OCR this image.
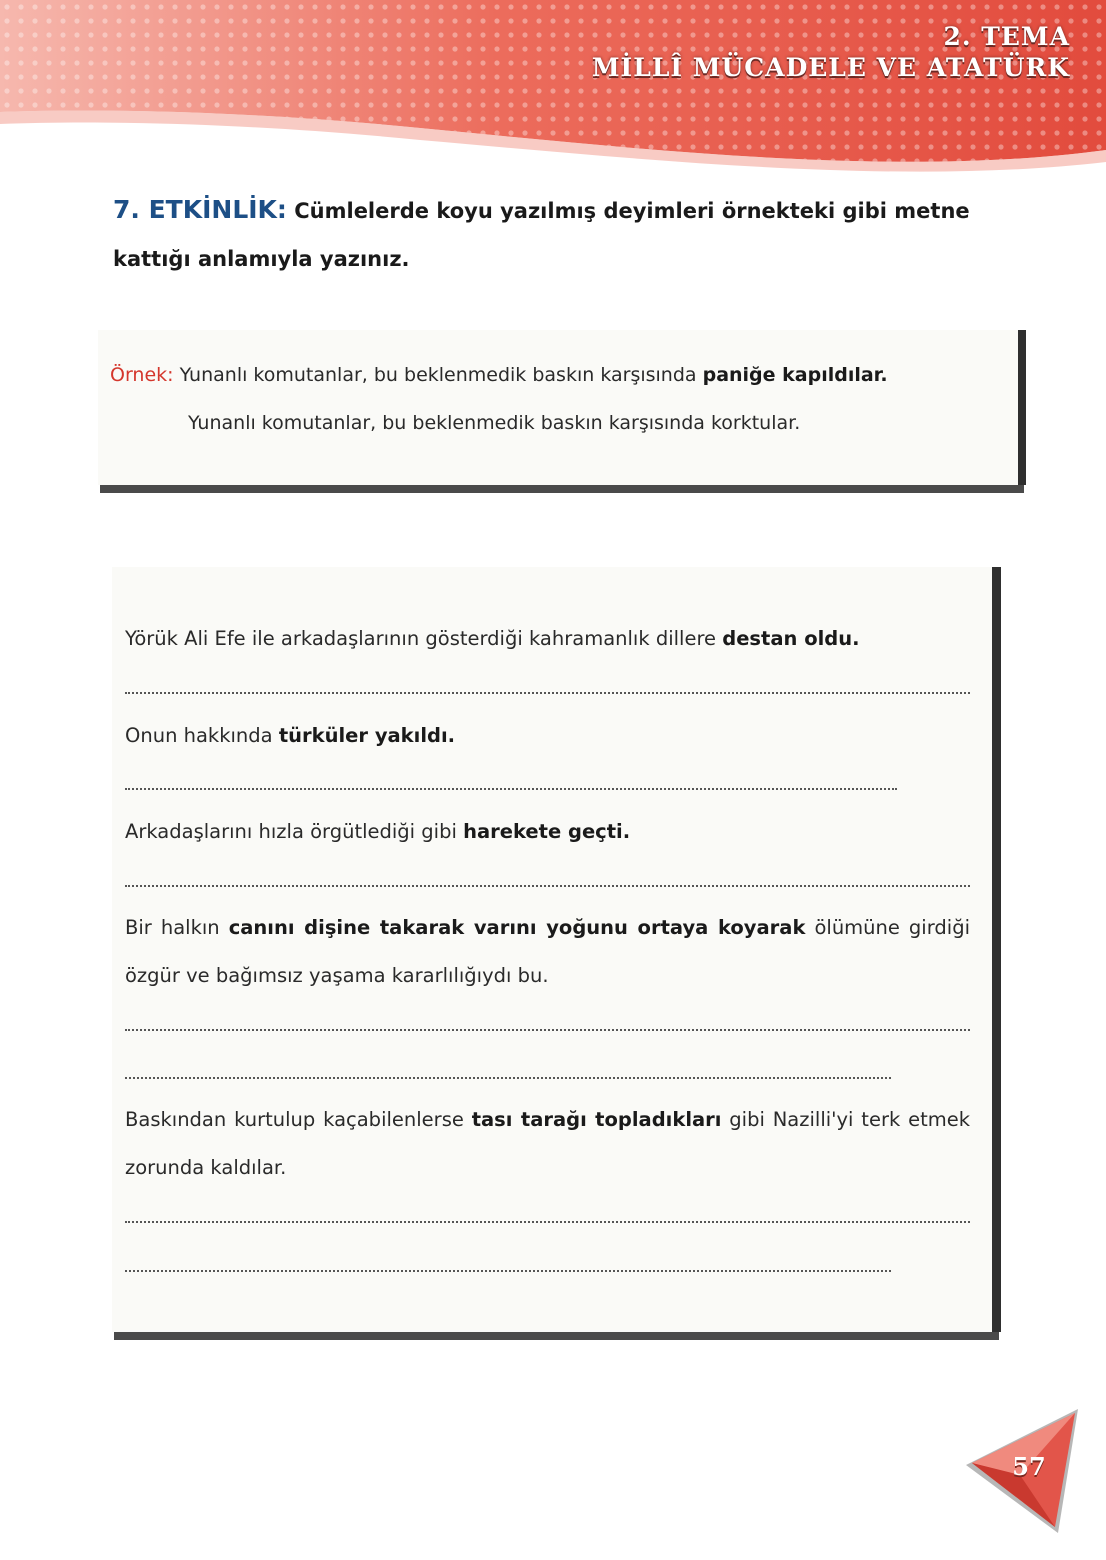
2. TEMA
MİLLÎ MÜCADELE VE ATATÜRK
7. ETKİNLİK: Cümlelerde koyu yazılmış deyimleri örnekteki gibi metne
kattığı anlamıyla yazınız.
Örnek: Yunanlı komutanlar, bu beklenmedik baskın karşısında paniğe kapıldılar.
Yunanlı komutanlar, bu beklenmedik baskın karşısında korktular.
Yörük Ali Efe ile arkadaşlarının gösterdiği kahramanlık dillere destan oldu.
Onun hakkında türküler yakıldı.
Arkadaşlarını hızla örgütlediği gibi harekete geçti.
Bir halkın canını dişine takarak varını yoğunu ortaya koyarak ölümüne girdiği özgür ve bağımsız yaşama kararlılığıydı bu.
Baskından kurtulup kaçabilenlerse tası tarağı topladıkları gibi Nazilli'yi terk etmek zorunda kaldılar.
57
